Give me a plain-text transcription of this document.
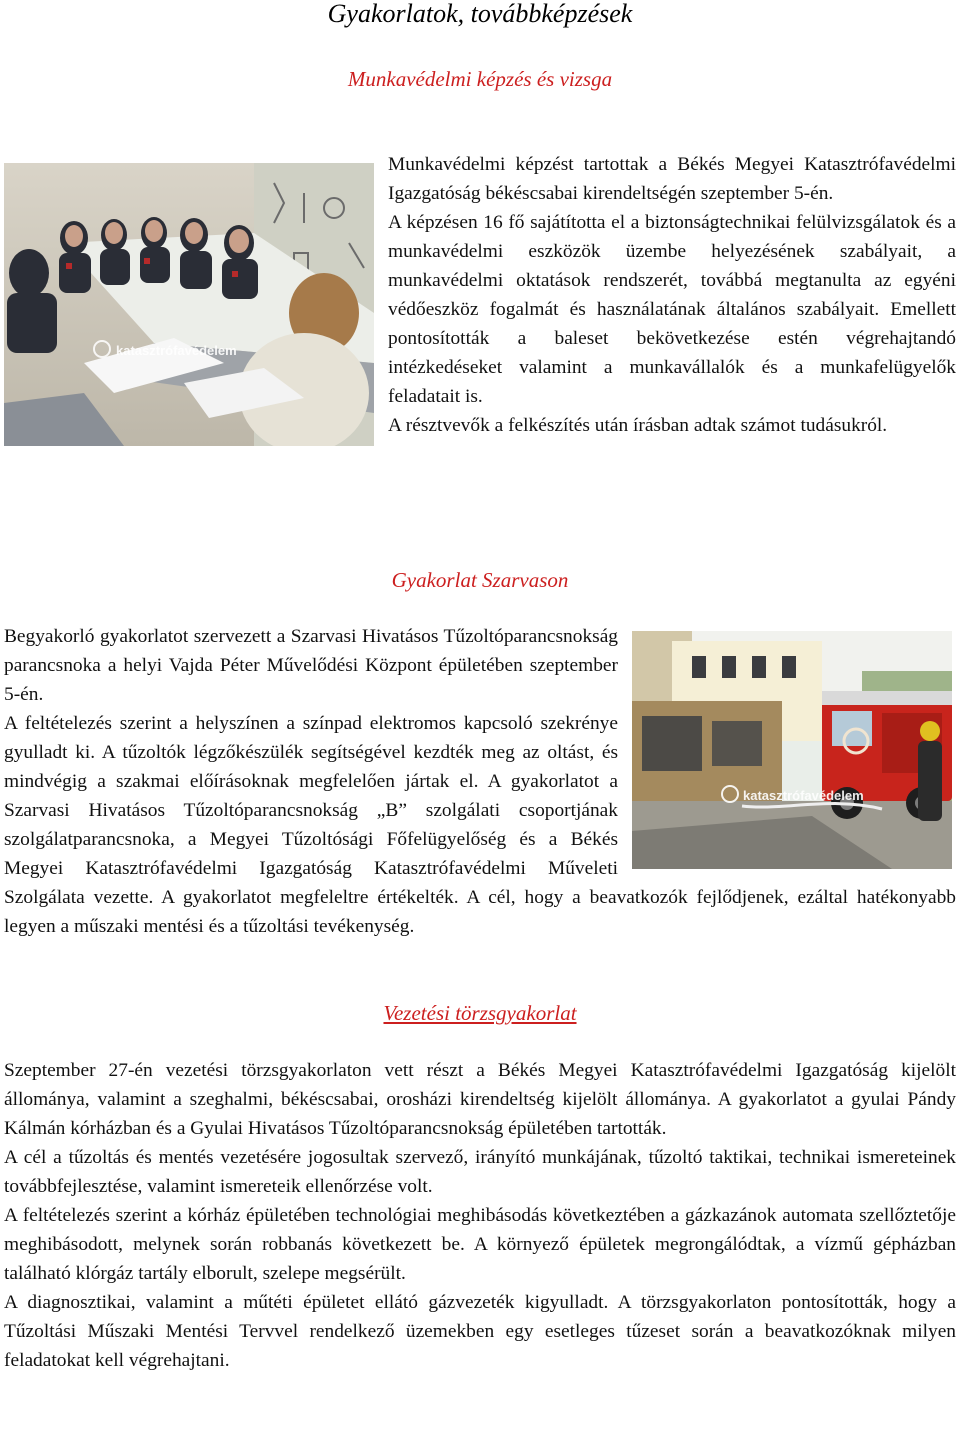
Gyakorlatok, továbbképzések
Munkavédelmi képzés és vizsga
katasztrófavédelem

Munkavédelmi képzést tartottak a Békés Megyei Katasztrófavédelmi Igazgatóság békéscsabai kirendeltségén szeptember 5-én.

A képzésen 16 fő sajátította el a biztonságtechnikai felülvizsgálatok és a munkavédelmi eszközök üzembe helyezésének szabályait, a munkavédelmi oktatások rendszerét, továbbá megtanulta az egyéni védőeszköz fogalmát és használatának általános szabályait. Emellett pontosították a baleset bekövetkezése estén végrehajtandó intézkedéseket valamint a munkavállalók és a munkafelügyelők feladatait is.

A résztvevők a felkészítés után írásban adtak számot tudásukról.

Gyakorlat Szarvason
katasztrófavédelem

Begyakorló gyakorlatot szervezett a Szarvasi Hivatásos Tűzoltóparancsnokság parancsnoka a helyi Vajda Péter Művelődési Központ épületében szeptember 5-én.

A feltételezés szerint a helyszínen a színpad elektromos kapcsoló szekrénye gyulladt ki. A tűzoltók légzőkészülék segítségével kezdték meg az oltást, és mindvégig a szakmai előírásoknak megfelelően jártak el. A gyakorlatot a Szarvasi Hivatásos Tűzoltóparancsnokság „B” szolgálati csoportjának szolgálatparancsnoka, a Megyei Tűzoltósági Főfelügyelőség és a Békés Megyei Katasztrófavédelmi Igazgatóság Katasztrófavédelmi Műveleti Szolgálata vezette. A gyakorlatot megfeleltre értékelték. A cél, hogy a beavatkozók fejlődjenek, ezáltal hatékonyabb legyen a műszaki mentési és a tűzoltási tevékenység.

Vezetési törzsgyakorlat

Szeptember 27-én vezetési törzsgyakorlaton vett részt a Békés Megyei Katasztrófavédelmi Igazgatóság kijelölt állománya, valamint a szeghalmi, békéscsabai, orosházi kirendeltség kijelölt állománya. A gyakorlatot a gyulai Pándy Kálmán kórházban és a Gyulai Hivatásos Tűzoltóparancsnokság épületében tartották.

A cél a tűzoltás és mentés vezetésére jogosultak szervező, irányító munkájának, tűzoltó taktikai, technikai ismereteinek továbbfejlesztése, valamint ismereteik ellenőrzése volt.

A feltételezés szerint a kórház épületében technológiai meghibásodás következtében a gázkazánok automata szellőztetője meghibásodott, melynek során robbanás következett be. A környező épületek megrongálódtak, a vízmű gépházban található klórgáz tartály elborult, szelepe megsérült.

A diagnosztikai, valamint a műtéti épületet ellátó gázvezeték kigyulladt. A törzsgyakorlaton pontosították, hogy a Tűzoltási Műszaki Mentési Tervvel rendelkező üzemekben egy esetleges tűzeset során a beavatkozóknak milyen feladatokat kell végrehajtani.
